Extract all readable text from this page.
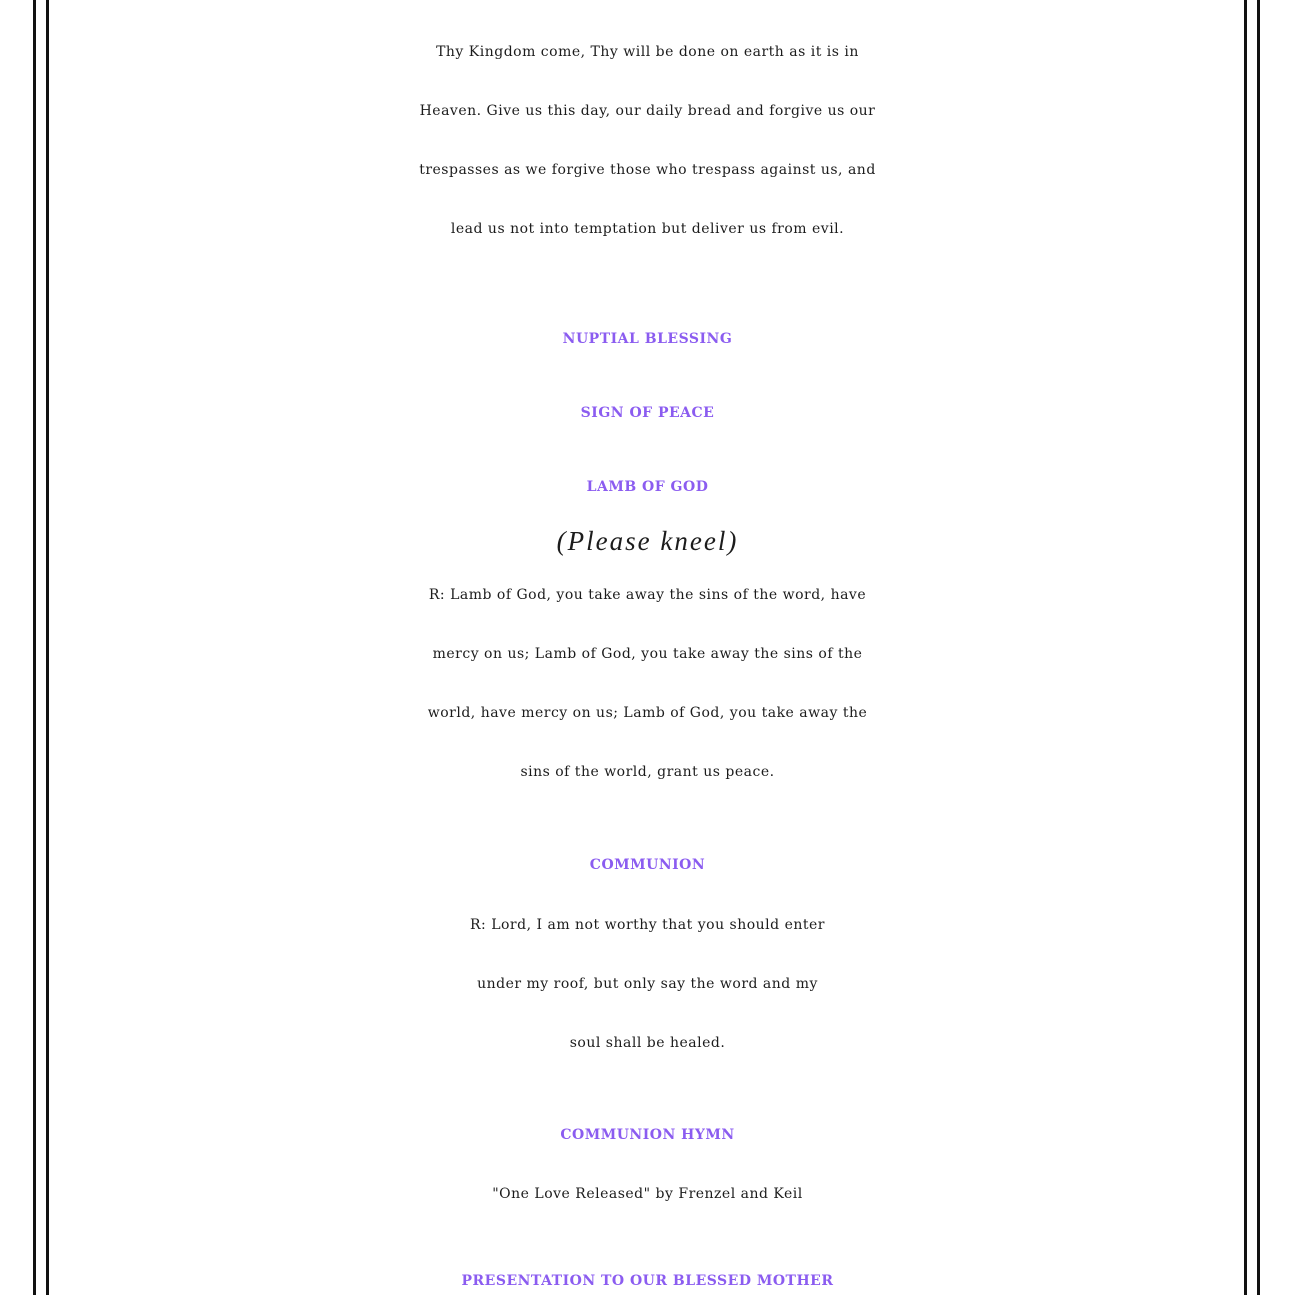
Thy Kingdom come, Thy will be done on earth as it is in
Heaven. Give us this day, our daily bread and forgive us our
trespasses as we forgive those who trespass against us, and
lead us not into temptation but deliver us from evil.
NUPTIAL BLESSING
SIGN OF PEACE
LAMB OF GOD
(Please kneel)
R: Lamb of God, you take away the sins of the word, have
mercy on us; Lamb of God, you take away the sins of the
world, have mercy on us; Lamb of God, you take away the
sins of the world, grant us peace.
COMMUNION
R: Lord, I am not worthy that you should enter
under my roof, but only say the word and my
soul shall be healed.
COMMUNION HYMN
"One Love Released" by Frenzel and Keil
PRESENTATION TO OUR BLESSED MOTHER
